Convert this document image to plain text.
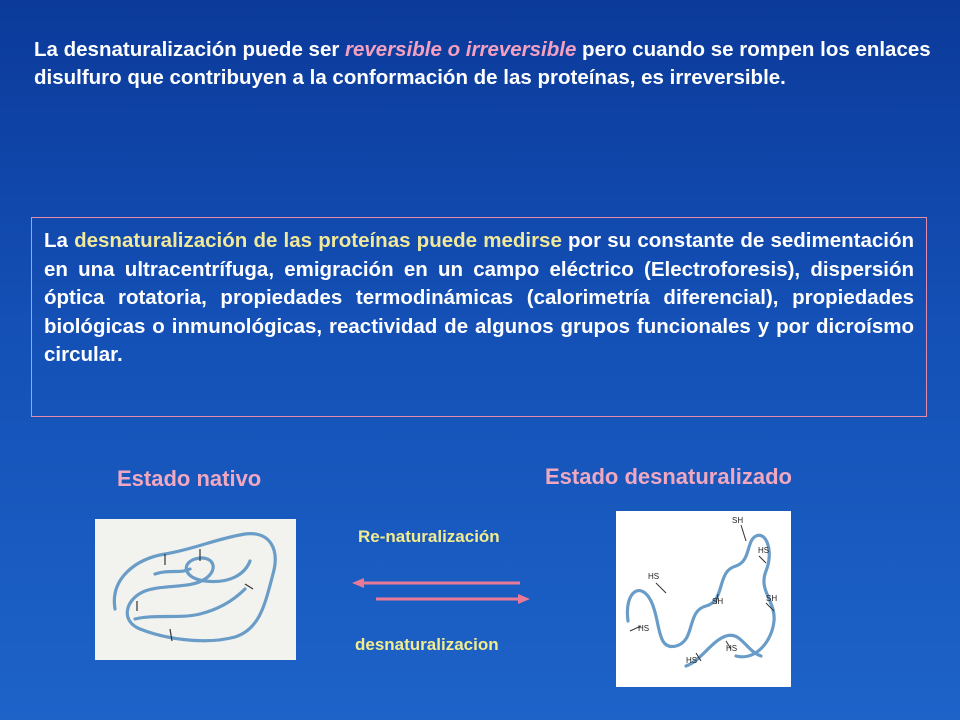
La desnaturalización puede ser reversible o irreversible pero cuando se rompen los enlaces disulfuro que contribuyen a la conformación de las proteínas, es irreversible.
La desnaturalización de las proteínas puede medirse por su constante de sedimentación en una ultracentrífuga, emigración en un campo eléctrico (Electroforesis), dispersión óptica rotatoria, propiedades termodinámicas (calorimetría diferencial), propiedades biológicas o inmunológicas, reactividad de algunos grupos funcionales y por dicroísmo circular.
Estado nativo	Estado desnaturalizado
SH
HS
HS
SH	SH
HS
HS
HS
Re-naturalización
desnaturalizacion
